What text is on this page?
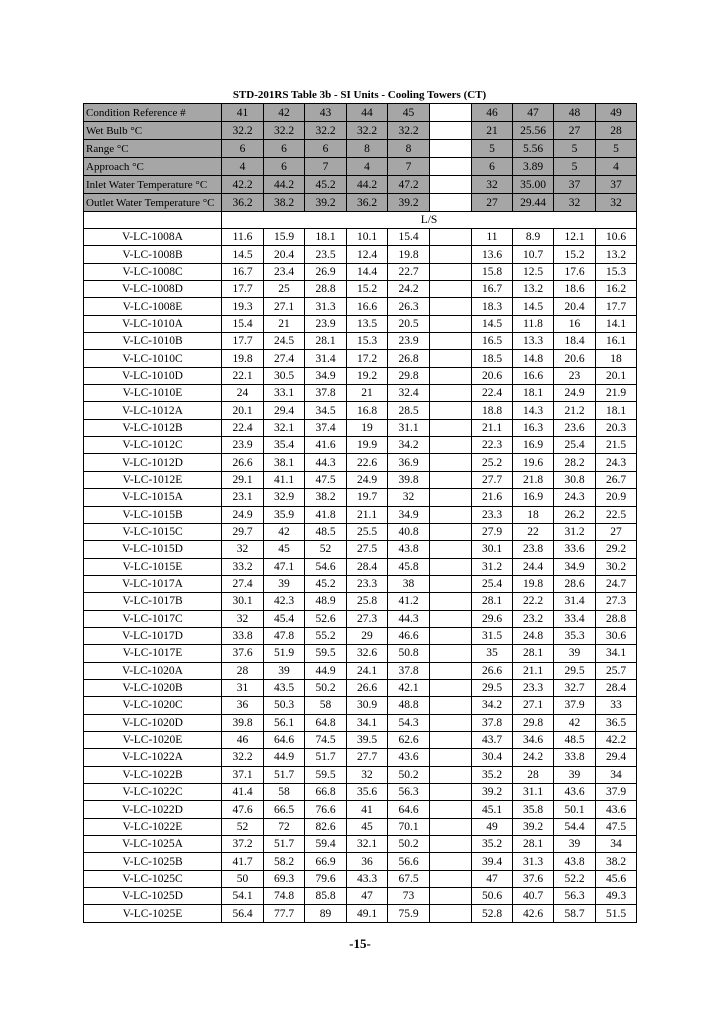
STD-201RS Table 3b - SI Units - Cooling Towers (CT)
Condition Reference #	41	42	43	44	45		46	47	48	49
Wet Bulb °C	32.2	32.2	32.2	32.2	32.2		21	25.56	27	28
Range °C	6	6	6	8	8		5	5.56	5	5
Approach °C	4	6	7	4	7		6	3.89	5	4
Inlet Water Temperature °C	42.2	44.2	45.2	44.2	47.2		32	35.00	37	37
Outlet Water Temperature °C	36.2	38.2	39.2	36.2	39.2		27	29.44	32	32
	L/S									
V-LC-1008A	11.6	15.9	18.1	10.1	15.4		11	8.9	12.1	10.6
V-LC-1008B	14.5	20.4	23.5	12.4	19.8		13.6	10.7	15.2	13.2
V-LC-1008C	16.7	23.4	26.9	14.4	22.7		15.8	12.5	17.6	15.3
V-LC-1008D	17.7	25	28.8	15.2	24.2		16.7	13.2	18.6	16.2
V-LC-1008E	19.3	27.1	31.3	16.6	26.3		18.3	14.5	20.4	17.7
V-LC-1010A	15.4	21	23.9	13.5	20.5		14.5	11.8	16	14.1
V-LC-1010B	17.7	24.5	28.1	15.3	23.9		16.5	13.3	18.4	16.1
V-LC-1010C	19.8	27.4	31.4	17.2	26.8		18.5	14.8	20.6	18
V-LC-1010D	22.1	30.5	34.9	19.2	29.8		20.6	16.6	23	20.1
V-LC-1010E	24	33.1	37.8	21	32.4		22.4	18.1	24.9	21.9
V-LC-1012A	20.1	29.4	34.5	16.8	28.5		18.8	14.3	21.2	18.1
V-LC-1012B	22.4	32.1	37.4	19	31.1		21.1	16.3	23.6	20.3
V-LC-1012C	23.9	35.4	41.6	19.9	34.2		22.3	16.9	25.4	21.5
V-LC-1012D	26.6	38.1	44.3	22.6	36.9		25.2	19.6	28.2	24.3
V-LC-1012E	29.1	41.1	47.5	24.9	39.8		27.7	21.8	30.8	26.7
V-LC-1015A	23.1	32.9	38.2	19.7	32		21.6	16.9	24.3	20.9
V-LC-1015B	24.9	35.9	41.8	21.1	34.9		23.3	18	26.2	22.5
V-LC-1015C	29.7	42	48.5	25.5	40.8		27.9	22	31.2	27
V-LC-1015D	32	45	52	27.5	43.8		30.1	23.8	33.6	29.2
V-LC-1015E	33.2	47.1	54.6	28.4	45.8		31.2	24.4	34.9	30.2
V-LC-1017A	27.4	39	45.2	23.3	38		25.4	19.8	28.6	24.7
V-LC-1017B	30.1	42.3	48.9	25.8	41.2		28.1	22.2	31.4	27.3
V-LC-1017C	32	45.4	52.6	27.3	44.3		29.6	23.2	33.4	28.8
V-LC-1017D	33.8	47.8	55.2	29	46.6		31.5	24.8	35.3	30.6
V-LC-1017E	37.6	51.9	59.5	32.6	50.8		35	28.1	39	34.1
V-LC-1020A	28	39	44.9	24.1	37.8		26.6	21.1	29.5	25.7
V-LC-1020B	31	43.5	50.2	26.6	42.1		29.5	23.3	32.7	28.4
V-LC-1020C	36	50.3	58	30.9	48.8		34.2	27.1	37.9	33
V-LC-1020D	39.8	56.1	64.8	34.1	54.3		37.8	29.8	42	36.5
V-LC-1020E	46	64.6	74.5	39.5	62.6		43.7	34.6	48.5	42.2
V-LC-1022A	32.2	44.9	51.7	27.7	43.6		30.4	24.2	33.8	29.4
V-LC-1022B	37.1	51.7	59.5	32	50.2		35.2	28	39	34
V-LC-1022C	41.4	58	66.8	35.6	56.3		39.2	31.1	43.6	37.9
V-LC-1022D	47.6	66.5	76.6	41	64.6		45.1	35.8	50.1	43.6
V-LC-1022E	52	72	82.6	45	70.1		49	39.2	54.4	47.5
V-LC-1025A	37.2	51.7	59.4	32.1	50.2		35.2	28.1	39	34
V-LC-1025B	41.7	58.2	66.9	36	56.6		39.4	31.3	43.8	38.2
V-LC-1025C	50	69.3	79.6	43.3	67.5		47	37.6	52.2	45.6
V-LC-1025D	54.1	74.8	85.8	47	73		50.6	40.7	56.3	49.3
V-LC-1025E	56.4	77.7	89	49.1	75.9		52.8	42.6	58.7	51.5
-15-
